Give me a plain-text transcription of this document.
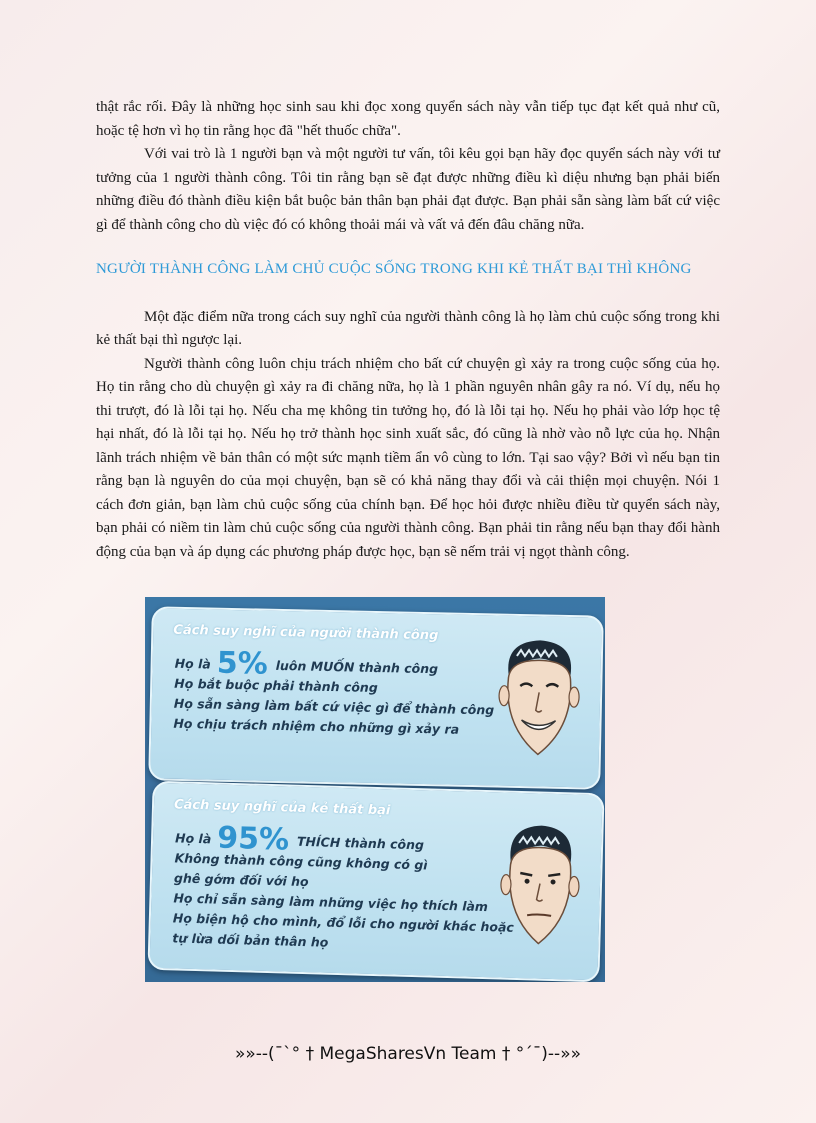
thật rắc rối. Đây là những học sinh sau khi đọc xong quyển sách này vẫn tiếp tục đạt kết quả như cũ, hoặc tệ hơn vì họ tin rằng học đã "hết thuốc chữa".

Với vai trò là 1 người bạn và một người tư vấn, tôi kêu gọi bạn hãy đọc quyển sách này với tư tưởng của 1 người thành công. Tôi tin rằng bạn sẽ đạt được những điều kì diệu nhưng bạn phải biến những điều đó thành điều kiện bắt buộc bản thân bạn phải đạt được. Bạn phải sẵn sàng làm bất cứ việc gì để thành công cho dù việc đó có không thoải mái và vất vả đến đâu chăng nữa.

NGƯỜI THÀNH CÔNG LÀM CHỦ CUỘC SỐNG TRONG KHI KẺ THẤT BẠI THÌ KHÔNG

Một đặc điểm nữa trong cách suy nghĩ của người thành công là họ làm chủ cuộc sống trong khi kẻ thất bại thì ngược lại.

Người thành công luôn chịu trách nhiệm cho bất cứ chuyện gì xảy ra trong cuộc sống của họ. Họ tin rằng cho dù chuyện gì xảy ra đi chăng nữa, họ là 1 phần nguyên nhân gây ra nó. Ví dụ, nếu họ thi trượt, đó là lỗi tại họ. Nếu cha mẹ không tin tưởng họ, đó là lỗi tại họ. Nếu họ phải vào lớp học tệ hại nhất, đó là lỗi tại họ. Nếu họ trở thành học sinh xuất sắc, đó cũng là nhờ vào nỗ lực của họ. Nhận lãnh trách nhiệm về bản thân có một sức mạnh tiềm ẩn vô cùng to lớn. Tại sao vậy? Bởi vì nếu bạn tin rằng bạn là nguyên do của mọi chuyện, bạn sẽ có khả năng thay đổi và cải thiện mọi chuyện. Nói 1 cách đơn giản, bạn làm chủ cuộc sống của chính bạn. Để học hỏi được nhiều điều từ quyển sách này, bạn phải có niềm tin làm chủ cuộc sống của người thành công. Bạn phải tin rằng nếu bạn thay đổi hành động của bạn và áp dụng các phương pháp được học, bạn sẽ nếm trải vị ngọt thành công.

Cách suy nghĩ của người thành công
Họ là 5% luôn MUỐN thành công
Họ bắt buộc phải thành công
Họ sẵn sàng làm bất cứ việc gì để thành công
Họ chịu trách nhiệm cho những gì xảy ra
Cách suy nghĩ của kẻ thất bại
Họ là 95% THÍCH thành công
Không thành công cũng không có gì
ghê gớm đối với họ
Họ chỉ sẵn sàng làm những việc họ thích làm
Họ biện hộ cho mình, đổ lỗi cho người khác hoặc
tự lừa dối bản thân họ
»»--(¯`° † MegaSharesVn Team † °´¯)--»»
